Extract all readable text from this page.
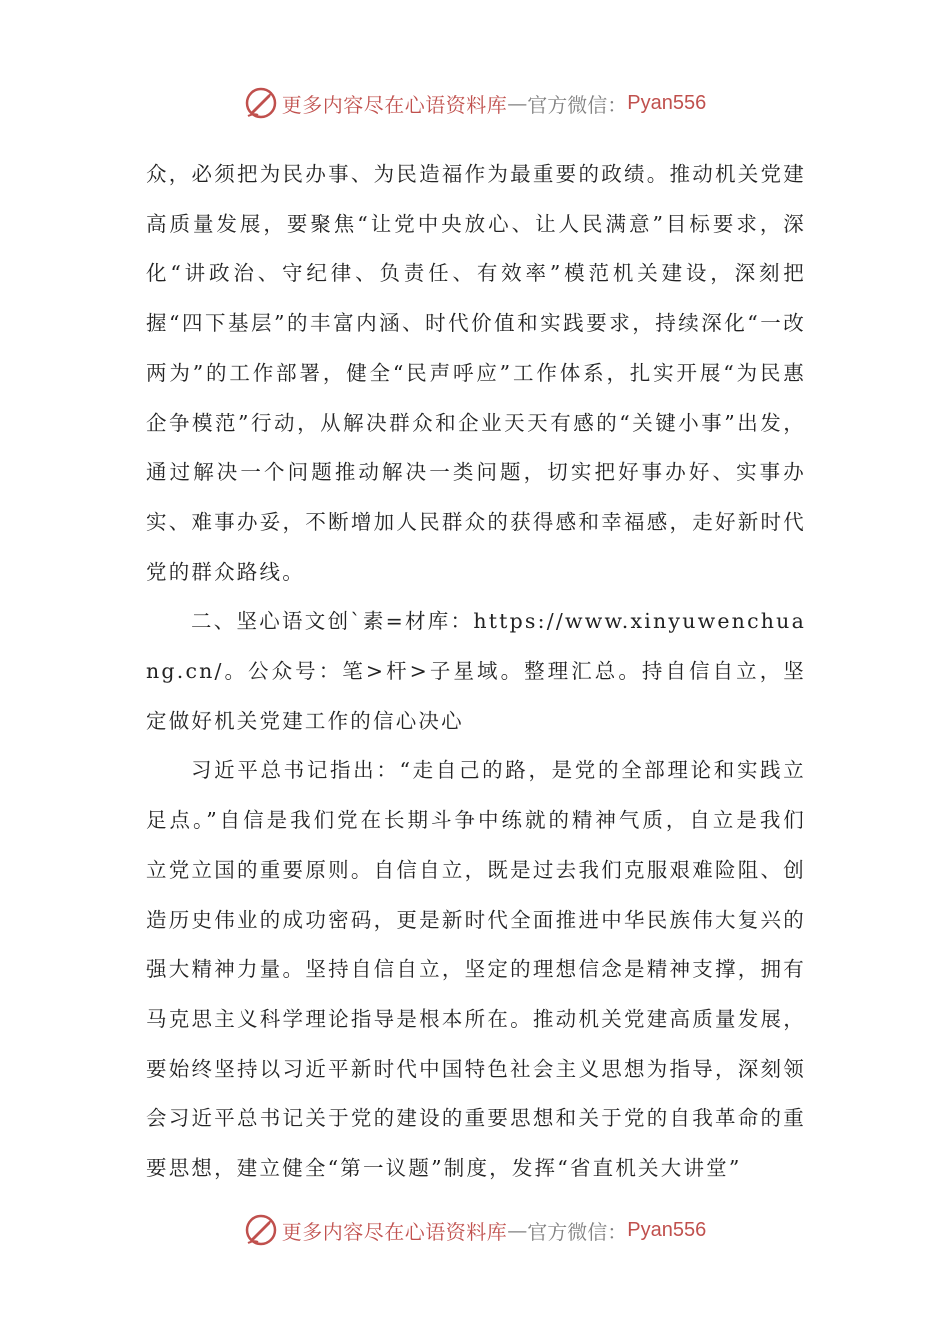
更多内容尽在心语资料库 — 官方微信： Pyan556

众，必须把为民办事、为民造福作为最重要的政绩。推动机关党建高质量发展，要聚焦“让党中央放心、让人民满意”目标要求，深化“讲政治、守纪律、负责任、有效率”模范机关建设，深刻把握“四下基层”的丰富内涵、时代价值和实践要求，持续深化“一改两为”的工作部署，健全“民声呼应”工作体系，扎实开展“为民惠企争模范”行动，从解决群众和企业天天有感的“关键小事”出发，通过解决一个问题推动解决一类问题，切实把好事办好、实事办实、难事办妥，不断增加人民群众的获得感和幸福感，走好新时代党的群众路线。

二、坚心语文创`素=材库：https://www.xinyuwenchuang.cn/。公众号：笔>杆>子星域。整理汇总。持自信自立，坚定做好机关党建工作的信心决心

习近平总书记指出：“走自己的路，是党的全部理论和实践立足点。”自信是我们党在长期斗争中练就的精神气质，自立是我们立党立国的重要原则。自信自立，既是过去我们克服艰难险阻、创造历史伟业的成功密码，更是新时代全面推进中华民族伟大复兴的强大精神力量。坚持自信自立，坚定的理想信念是精神支撑，拥有马克思主义科学理论指导是根本所在。推动机关党建高质量发展，要始终坚持以习近平新时代中国特色社会主义思想为指导，深刻领会习近平总书记关于党的建设的重要思想和关于党的自我革命的重要思想，建立健全“第一议题”制度，发挥“省直机关大讲堂”

更多内容尽在心语资料库 — 官方微信： Pyan556
